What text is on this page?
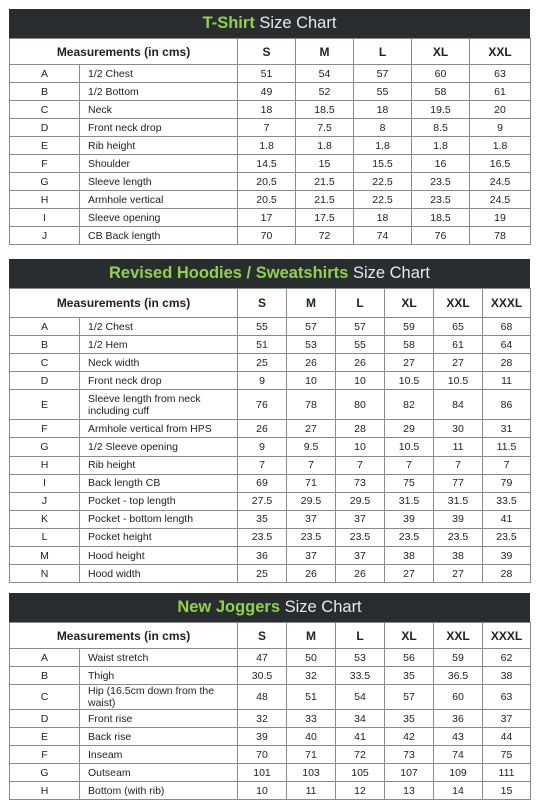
T-Shirt Size Chart
Measurements (in cms)		S	M	L	XL	XXL
A	1/2 Chest	51	54	57	60	63
B	1/2 Bottom	49	52	55	58	61
C	Neck	18	18.5	18	19.5	20
D	Front neck drop	7	7.5	8	8.5	9
E	Rib height	1.8	1.8	1.8	1.8	1.8
F	Shoulder	14.5	15	15.5	16	16.5
G	Sleeve length	20.5	21.5	22.5	23.5	24.5
H	Armhole vertical	20.5	21.5	22.5	23.5	24.5
I	Sleeve opening	17	17.5	18	18.5	19
J	CB Back length	70	72	74	76	78
Revised Hoodies / Sweatshirts Size Chart
Measurements (in cms)		S	M	L	XL	XXL	XXXL
A	1/2 Chest	55	57	57	59	65	68
B	1/2 Hem	51	53	55	58	61	64
C	Neck width	25	26	26	27	27	28
D	Front neck drop	9	10	10	10.5	10.5	11
E	Sleeve length from neck including cuff	76	78	80	82	84	86
F	Armhole vertical from HPS	26	27	28	29	30	31
G	1/2 Sleeve opening	9	9.5	10	10.5	11	11.5
H	Rib height	7	7	7	7	7	7
I	Back length CB	69	71	73	75	77	79
J	Pocket - top length	27.5	29.5	29.5	31.5	31.5	33.5
K	Pocket - bottom length	35	37	37	39	39	41
L	Pocket height	23.5	23.5	23.5	23.5	23.5	23.5
M	Hood height	36	37	37	38	38	39
N	Hood width	25	26	26	27	27	28
New Joggers Size Chart
Measurements (in cms)		S	M	L	XL	XXL	XXXL
A	Waist stretch	47	50	53	56	59	62
B	Thigh	30.5	32	33.5	35	36.5	38
C	Hip (16.5cm down from the waist)	48	51	54	57	60	63
D	Front rise	32	33	34	35	36	37
E	Back rise	39	40	41	42	43	44
F	Inseam	70	71	72	73	74	75
G	Outseam	101	103	105	107	109	111
H	Bottom (with rib)	10	11	12	13	14	15
